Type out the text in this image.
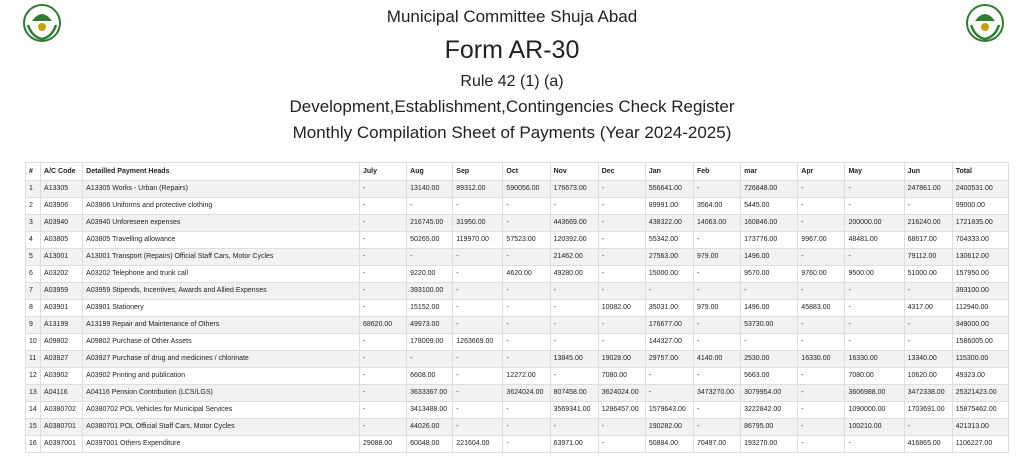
Municipal Committee Shuja Abad
Form AR-30
Rule 42 (1) (a)
Development,Establishment,Contingencies Check Register
Monthly Compilation Sheet of Payments (Year 2024-2025)
#	A/C Code	Detailled Payment Heads	July	Aug	Sep	Oct	Nov	Dec	Jan	Feb	mar	Apr	May	Jun	Total
1	A13305	A13305 Works - Urban (Repairs)	-	13140.00	89312.00	590056.00	176673.00	-	556641.00	-	726848.00	-	-	247861.00	2400531.00
2	A03906	A03906 Uniforms and protective clothing	-	-	-	-	-	-	89991.00	3564.00	5445.00	-	-	-	99000.00
3	A03940	A03940 Unforeseen expenses	-	216745.00	31950.00	-	443669.00	-	438322.00	14063.00	160846.00	-	200000.00	216240.00	1721835.00
4	A03805	A03805 Travelling allowance	-	50265.00	119970.00	57523.00	120392.00	-	55342.00	-	173776.00	9967.00	48481.00	68617.00	704333.00
5	A13001	A13001 Transport (Repairs) Official Staff Cars, Motor Cycles	-	-	-	-	21462.00	-	27563.00	979.00	1496.00	-	-	79112.00	130612.00
6	A03202	A03202 Telephone and trunk call	-	9220.00	-	4620.00	49280.00	-	15000.00	-	9570.00	9760.00	9500.00	51000.00	157950.00
7	A03959	A03959 Stipends, Incentives, Awards and Allied Expenses	-	393100.00	-	-	-	-	-	-	-	-	-	-	393100.00
8	A03901	A03901 Stationery	-	15152.00	-	-	-	10082.00	35031.00	979.00	1496.00	45883.00	-	4317.00	112940.00
9	A13199	A13199 Repair and Maintenance of Others	68620.00	49973.00	-	-	-	-	176677.00	-	53730.00	-	-	-	349000.00
10	A09802	A09802 Purchase of Other Assets	-	178009.00	1263669.00	-	-	-	144327.00	-	-	-	-	-	1586005.00
11	A03927	A03927 Purchase of drug and medicines / chlorinate	-	-	-	-	13845.00	19028.00	29757.00	4140.00	2530.00	16330.00	16330.00	13340.00	115300.00
12	A03902	A03902 Printing and publication	-	6608.00	-	12272.00	-	7080.00	-	-	5663.00	-	7080.00	10620.00	49323.00
13	A04116	A04116 Pension Contribution (LCS/LGS)	-	3633367.00	-	3624024.00	807458.00	3624024.00	-	3473270.00	3079954.00	-	3606988.00	3472338.00	25321423.00
14	A0380702	A0380702 POL Vehicles for Municipal Services	-	3413488.00	-	-	3569341.00	1296457.00	1579643.00	-	3222842.00	-	1090000.00	1703691.00	15875462.00
15	A0380701	A0380701 POL Official Staff Cars, Motor Cycles	-	44026.00	-	-	-	-	190282.00	-	86795.00	-	100210.00	-	421313.00
16	A0397001	A0397001 Others Expenditure	29088.00	60048.00	221604.00	-	63971.00	-	50884.00	70497.00	193270.00	-	-	416865.00	1106227.00
